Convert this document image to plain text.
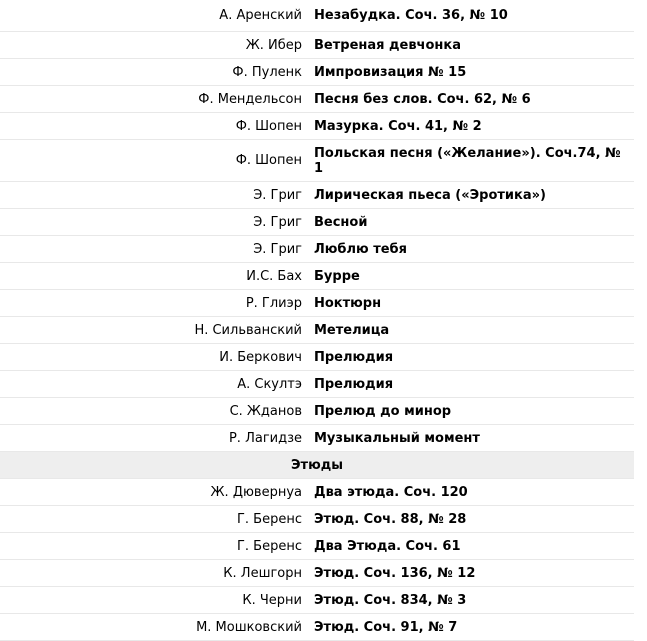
А. Аренский Незабудка. Соч. 36, № 10
Ж. Ибер Ветреная девчонка
Ф. Пуленк Импровизация № 15
Ф. Мендельсон Песня без слов. Соч. 62, № 6
Ф. Шопен Мазурка. Соч. 41, № 2
Ф. Шопен Польская песня («Желание»). Соч.74, № 1
Э. Григ Лирическая пьеса («Эротика»)
Э. Григ Весной
Э. Григ Люблю тебя
И.С. Бах Бурре
Р. Глиэр Ноктюрн
Н. Сильванский Метелица
И. Беркович Прелюдия
А. Скултэ Прелюдия
С. Жданов Прелюд до минор
Р. Лагидзе Музыкальный момент
Этюды
Ж. Дювернуа Два этюда. Соч. 120
Г. Беренс Этюд. Соч. 88, № 28
Г. Беренс Два Этюда. Соч. 61
К. Лешгорн Этюд. Соч. 136, № 12
К. Черни Этюд. Соч. 834, № 3
М. Мошковский Этюд. Соч. 91, № 7
